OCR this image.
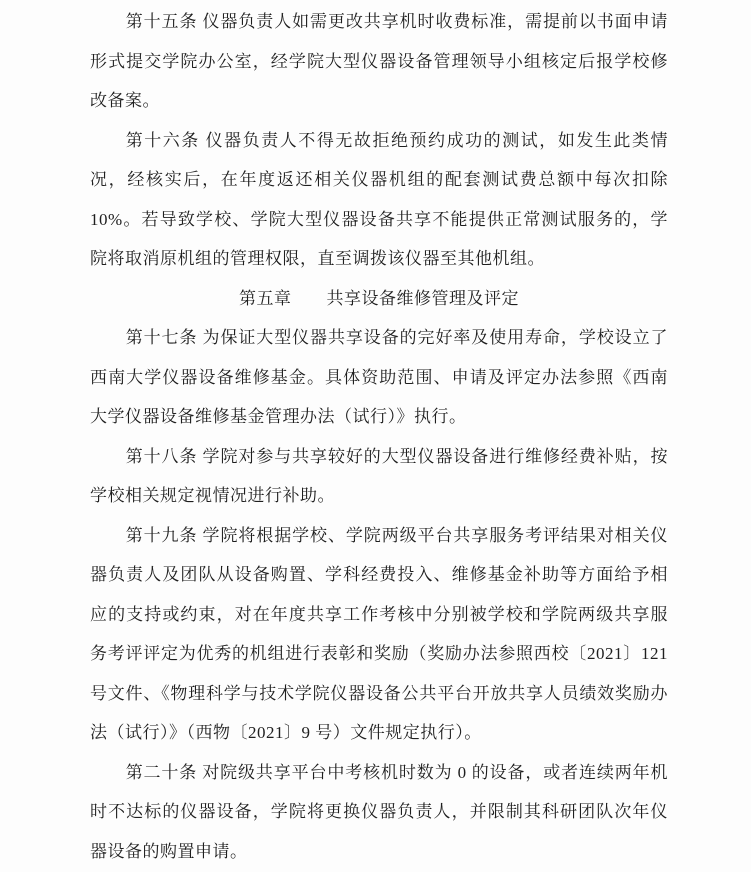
第十五条 仪器负责人如需更改共享机时收费标准，需提前以书面申请
形式提交学院办公室，经学院大型仪器设备管理领导小组核定后报学校修
改备案。
第十六条 仪器负责人不得无故拒绝预约成功的测试，如发生此类情
况，经核实后，在年度返还相关仪器机组的配套测试费总额中每次扣除
10%。若导致学校、学院大型仪器设备共享不能提供正常测试服务的，学
院将取消原机组的管理权限，直至调拨该仪器至其他机组。
第五章　　共享设备维修管理及评定
第十七条 为保证大型仪器共享设备的完好率及使用寿命，学校设立了
西南大学仪器设备维修基金。具体资助范围、申请及评定办法参照《西南
大学仪器设备维修基金管理办法（试行）》执行。
第十八条 学院对参与共享较好的大型仪器设备进行维修经费补贴，按
学校相关规定视情况进行补助。
第十九条 学院将根据学校、学院两级平台共享服务考评结果对相关仪
器负责人及团队从设备购置、学科经费投入、维修基金补助等方面给予相
应的支持或约束，对在年度共享工作考核中分别被学校和学院两级共享服
务考评评定为优秀的机组进行表彰和奖励（奖励办法参照西校〔2021〕121
号文件、《物理科学与技术学院仪器设备公共平台开放共享人员绩效奖励办
法（试行）》（西物〔2021〕9 号）文件规定执行）。
第二十条 对院级共享平台中考核机时数为 0 的设备，或者连续两年机
时不达标的仪器设备，学院将更换仪器负责人，并限制其科研团队次年仪
器设备的购置申请。
